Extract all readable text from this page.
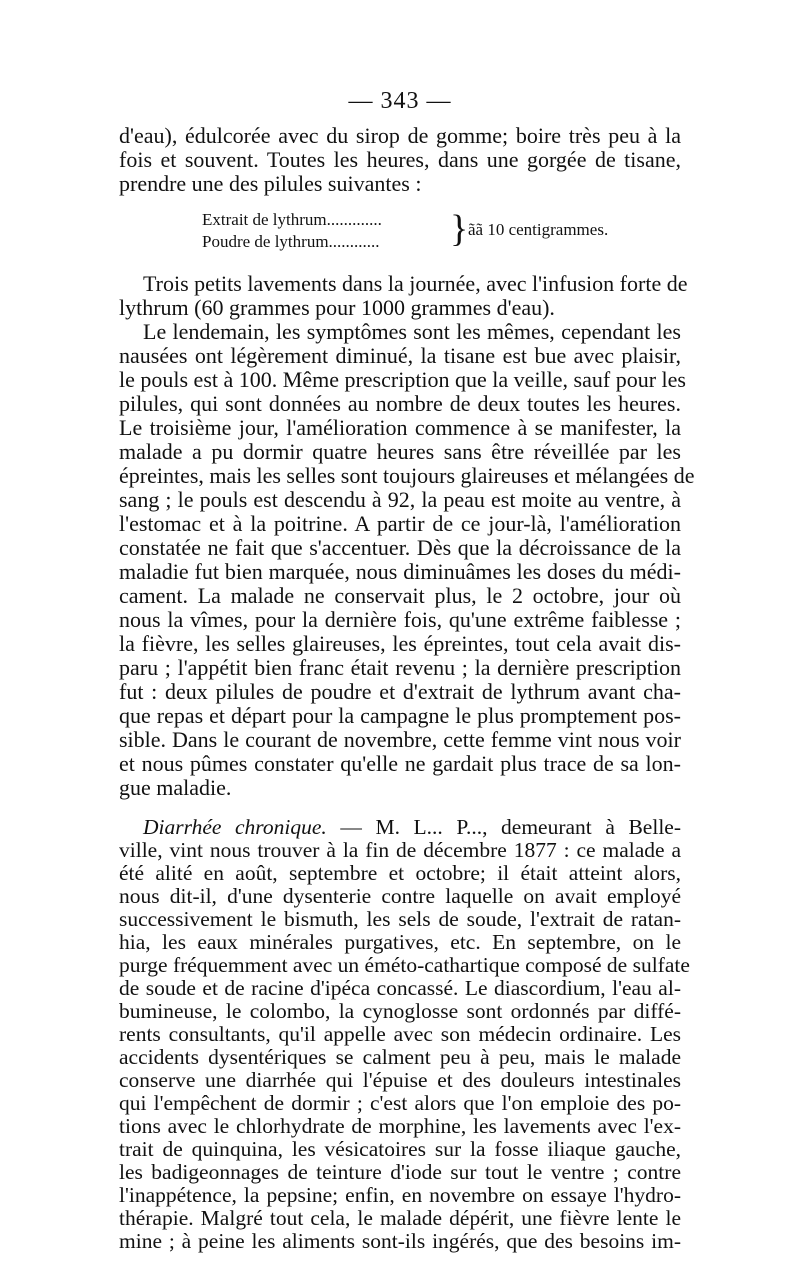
— 343 —
d'eau), édulcorée avec du sirop de gomme; boire très peu à la
fois et souvent. Toutes les heures, dans une gorgée de tisane,
prendre une des pilules suivantes :
Extrait de lythrum.............
Poudre de lythrum............ } ãã 10 centigrammes.
Trois petits lavements dans la journée, avec l'infusion forte de
lythrum (60 grammes pour 1000 grammes d'eau).
Le lendemain, les symptômes sont les mêmes, cependant les
nausées ont légèrement diminué, la tisane est bue avec plaisir,
le pouls est à 100. Même prescription que la veille, sauf pour les
pilules, qui sont données au nombre de deux toutes les heures.
Le troisième jour, l'amélioration commence à se manifester, la
malade a pu dormir quatre heures sans être réveillée par les
épreintes, mais les selles sont toujours glaireuses et mélangées de
sang ; le pouls est descendu à 92, la peau est moite au ventre, à
l'estomac et à la poitrine. A partir de ce jour-là, l'amélioration
constatée ne fait que s'accentuer. Dès que la décroissance de la
maladie fut bien marquée, nous diminuâmes les doses du médi-
cament. La malade ne conservait plus, le 2 octobre, jour où
nous la vîmes, pour la dernière fois, qu'une extrême faiblesse ;
la fièvre, les selles glaireuses, les épreintes, tout cela avait dis-
paru ; l'appétit bien franc était revenu ; la dernière prescription
fut : deux pilules de poudre et d'extrait de lythrum avant cha-
que repas et départ pour la campagne le plus promptement pos-
sible. Dans le courant de novembre, cette femme vint nous voir
et nous pûmes constater qu'elle ne gardait plus trace de sa lon-
gue maladie.
Diarrhée chronique. — M. L... P..., demeurant à Belle-
ville, vint nous trouver à la fin de décembre 1877 : ce malade a
été alité en août, septembre et octobre; il était atteint alors,
nous dit-il, d'une dysenterie contre laquelle on avait employé
successivement le bismuth, les sels de soude, l'extrait de ratan-
hia, les eaux minérales purgatives, etc. En septembre, on le
purge fréquemment avec un éméto-cathartique composé de sulfate
de soude et de racine d'ipéca concassé. Le diascordium, l'eau al-
bumineuse, le colombo, la cynoglosse sont ordonnés par diffé-
rents consultants, qu'il appelle avec son médecin ordinaire. Les
accidents dysentériques se calment peu à peu, mais le malade
conserve une diarrhée qui l'épuise et des douleurs intestinales
qui l'empêchent de dormir ; c'est alors que l'on emploie des po-
tions avec le chlorhydrate de morphine, les lavements avec l'ex-
trait de quinquina, les vésicatoires sur la fosse iliaque gauche,
les badigeonnages de teinture d'iode sur tout le ventre ; contre
l'inappétence, la pepsine; enfin, en novembre on essaye l'hydro-
thérapie. Malgré tout cela, le malade dépérit, une fièvre lente le
mine ; à peine les aliments sont-ils ingérés, que des besoins im-
